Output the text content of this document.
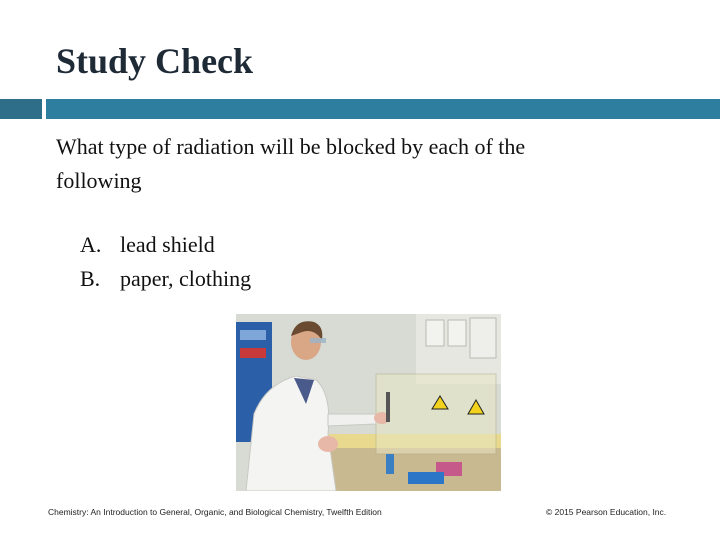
Study Check
What type of radiation will be blocked by each of the following
A. lead shield
B. paper, clothing
Chemistry: An Introduction to General, Organic, and Biological Chemistry, Twelfth Edition	© 2015 Pearson Education, Inc.
